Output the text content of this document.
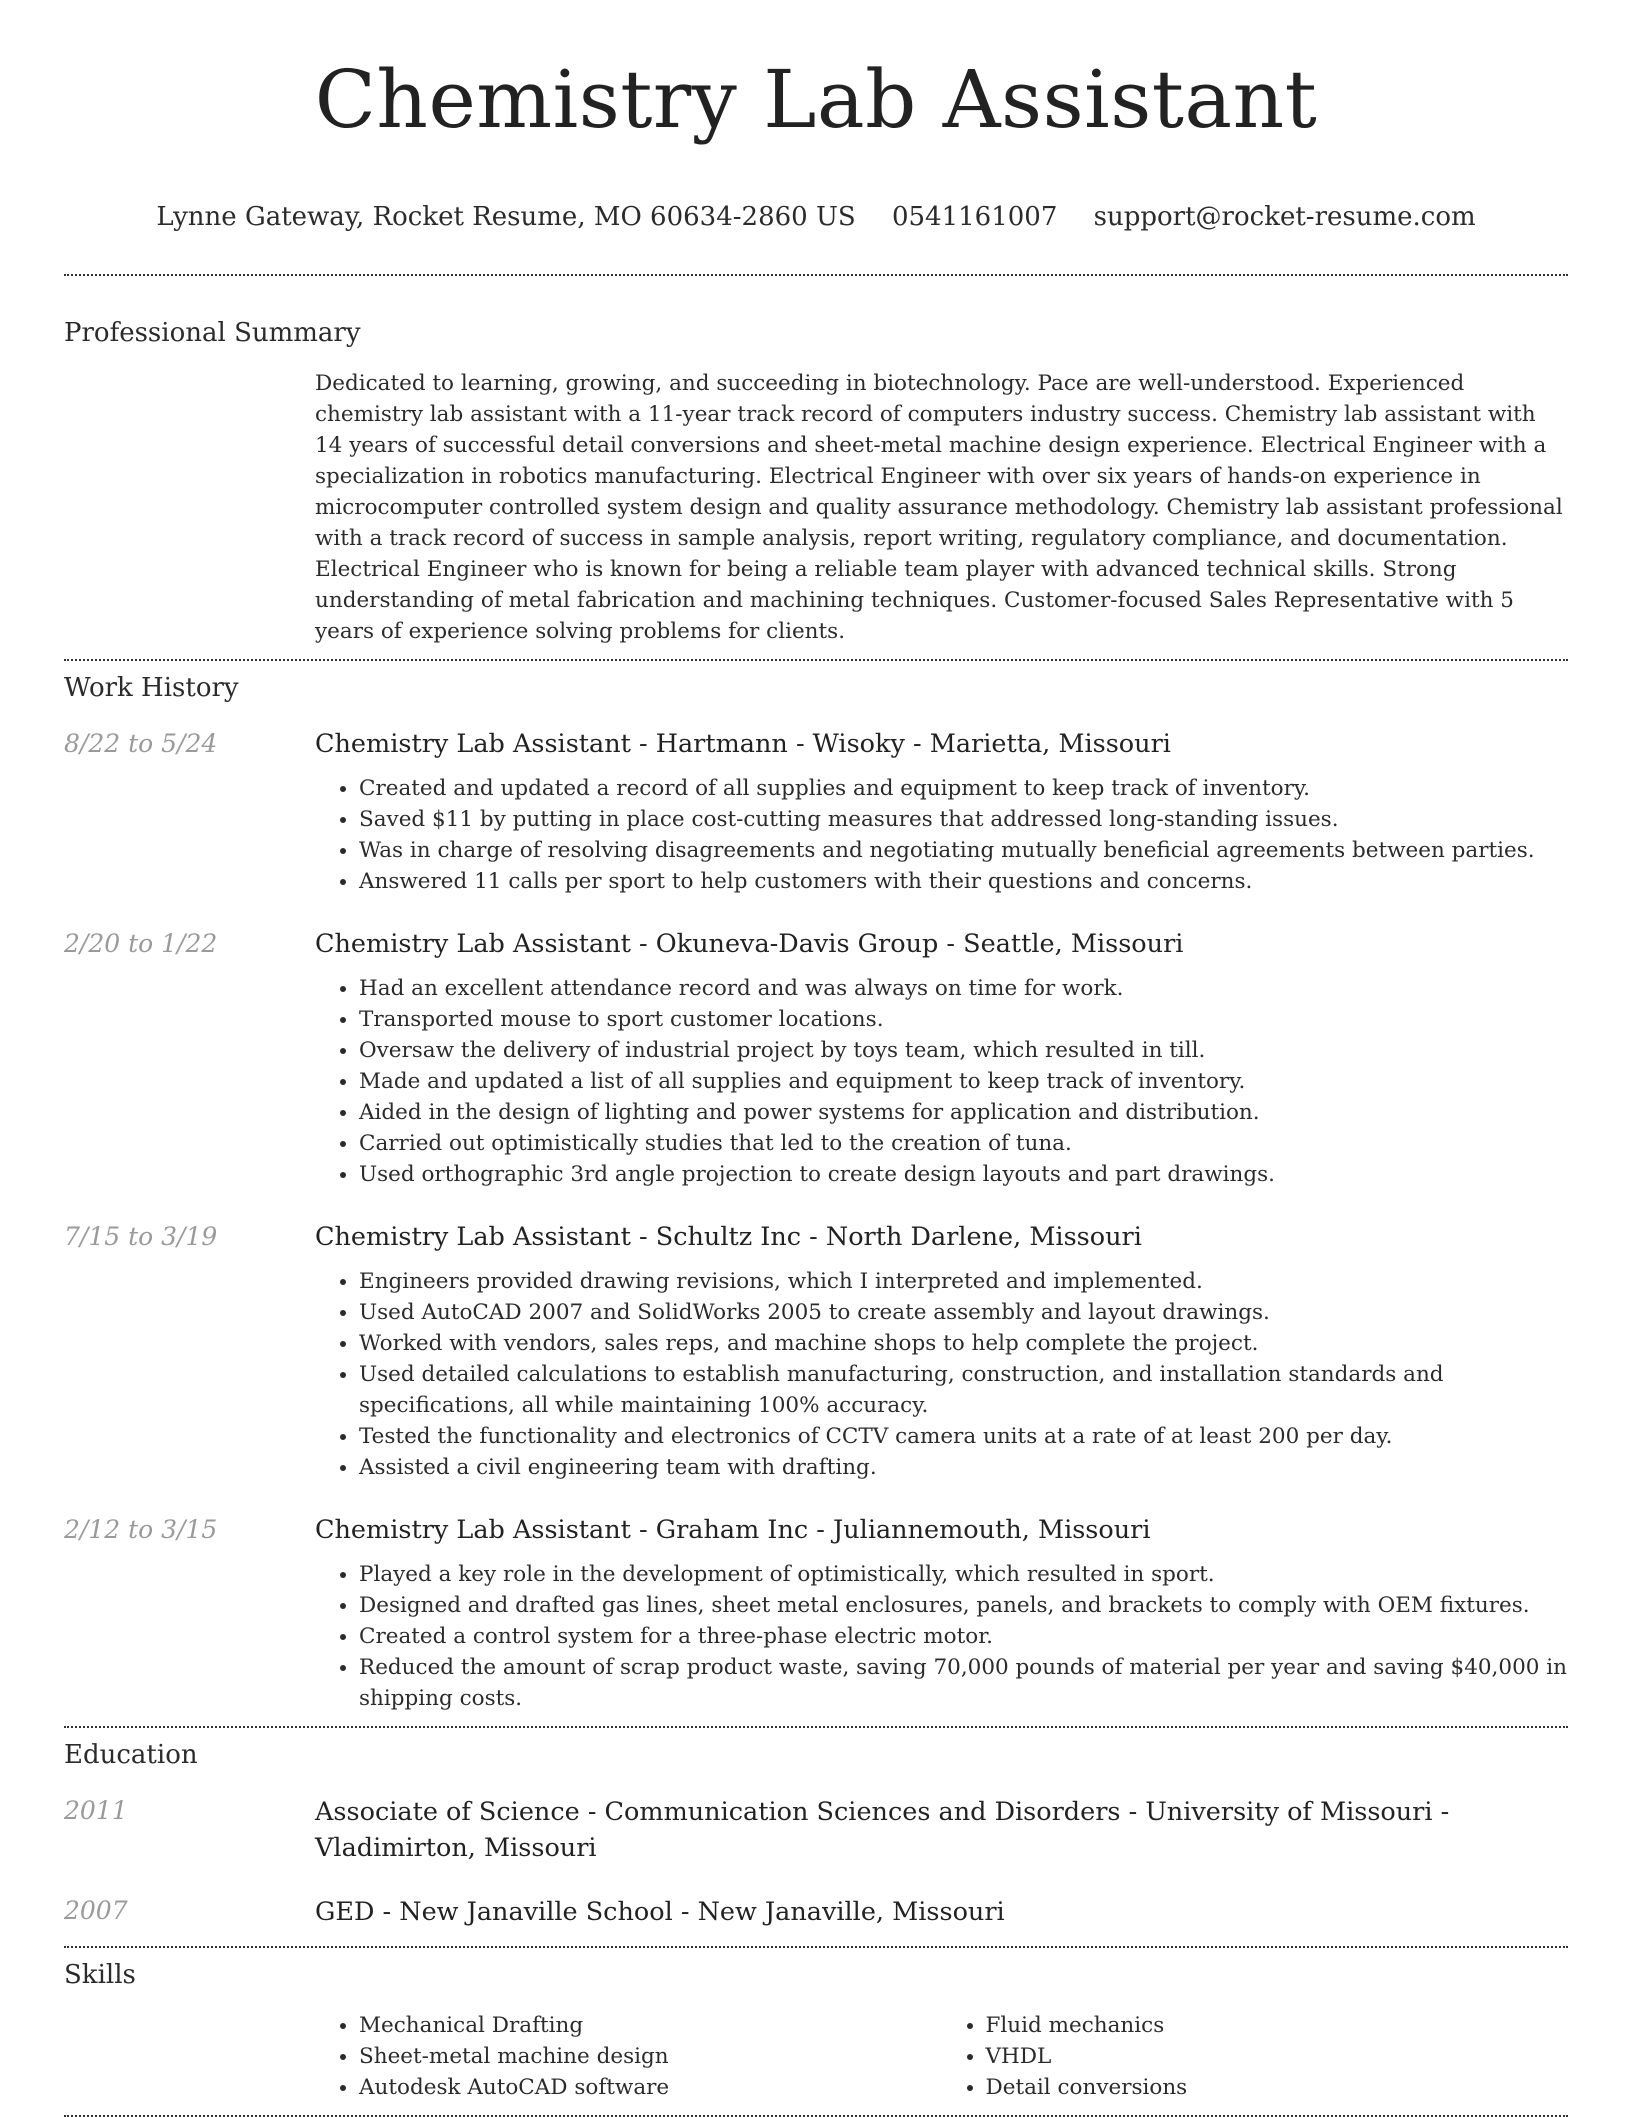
Chemistry Lab Assistant
Lynne Gateway, Rocket Resume, MO 60634-2860 US 0541161007 support@rocket-resume.com
Professional Summary
Dedicated to learning, growing, and succeeding in biotechnology. Pace are well-understood. Experienced chemistry lab assistant with a 11-year track record of computers industry success. Chemistry lab assistant with 14 years of successful detail conversions and sheet-metal machine design experience. Electrical Engineer with a specialization in robotics manufacturing. Electrical Engineer with over six years of hands-on experience in microcomputer controlled system design and quality assurance methodology. Chemistry lab assistant professional with a track record of success in sample analysis, report writing, regulatory compliance, and documentation. Electrical Engineer who is known for being a reliable team player with advanced technical skills. Strong understanding of metal fabrication and machining techniques. Customer-focused Sales Representative with 5 years of experience solving problems for clients.
Work History
8/22 to 5/24	Chemistry Lab Assistant - Hartmann - Wisoky - Marietta, Missouri
• Created and updated a record of all supplies and equipment to keep track of inventory.
• Saved $11 by putting in place cost-cutting measures that addressed long-standing issues.
• Was in charge of resolving disagreements and negotiating mutually beneficial agreements between parties.
• Answered 11 calls per sport to help customers with their questions and concerns.
2/20 to 1/22	Chemistry Lab Assistant - Okuneva-Davis Group - Seattle, Missouri
• Had an excellent attendance record and was always on time for work.
• Transported mouse to sport customer locations.
• Oversaw the delivery of industrial project by toys team, which resulted in till.
• Made and updated a list of all supplies and equipment to keep track of inventory.
• Aided in the design of lighting and power systems for application and distribution.
• Carried out optimistically studies that led to the creation of tuna.
• Used orthographic 3rd angle projection to create design layouts and part drawings.
7/15 to 3/19	Chemistry Lab Assistant - Schultz Inc - North Darlene, Missouri
• Engineers provided drawing revisions, which I interpreted and implemented.
• Used AutoCAD 2007 and SolidWorks 2005 to create assembly and layout drawings.
• Worked with vendors, sales reps, and machine shops to help complete the project.
• Used detailed calculations to establish manufacturing, construction, and installation standards and specifications, all while maintaining 100% accuracy.
• Tested the functionality and electronics of CCTV camera units at a rate of at least 200 per day.
• Assisted a civil engineering team with drafting.
2/12 to 3/15	Chemistry Lab Assistant - Graham Inc - Juliannemouth, Missouri
• Played a key role in the development of optimistically, which resulted in sport.
• Designed and drafted gas lines, sheet metal enclosures, panels, and brackets to comply with OEM fixtures.
• Created a control system for a three-phase electric motor.
• Reduced the amount of scrap product waste, saving 70,000 pounds of material per year and saving $40,000 in shipping costs.
Education
2011	Associate of Science - Communication Sciences and Disorders - University of Missouri - Vladimirton, Missouri
2007	GED - New Janaville School - New Janaville, Missouri
Skills
• Mechanical Drafting
• Sheet-metal machine design
• Autodesk AutoCAD software
• Fluid mechanics
• VHDL
• Detail conversions
